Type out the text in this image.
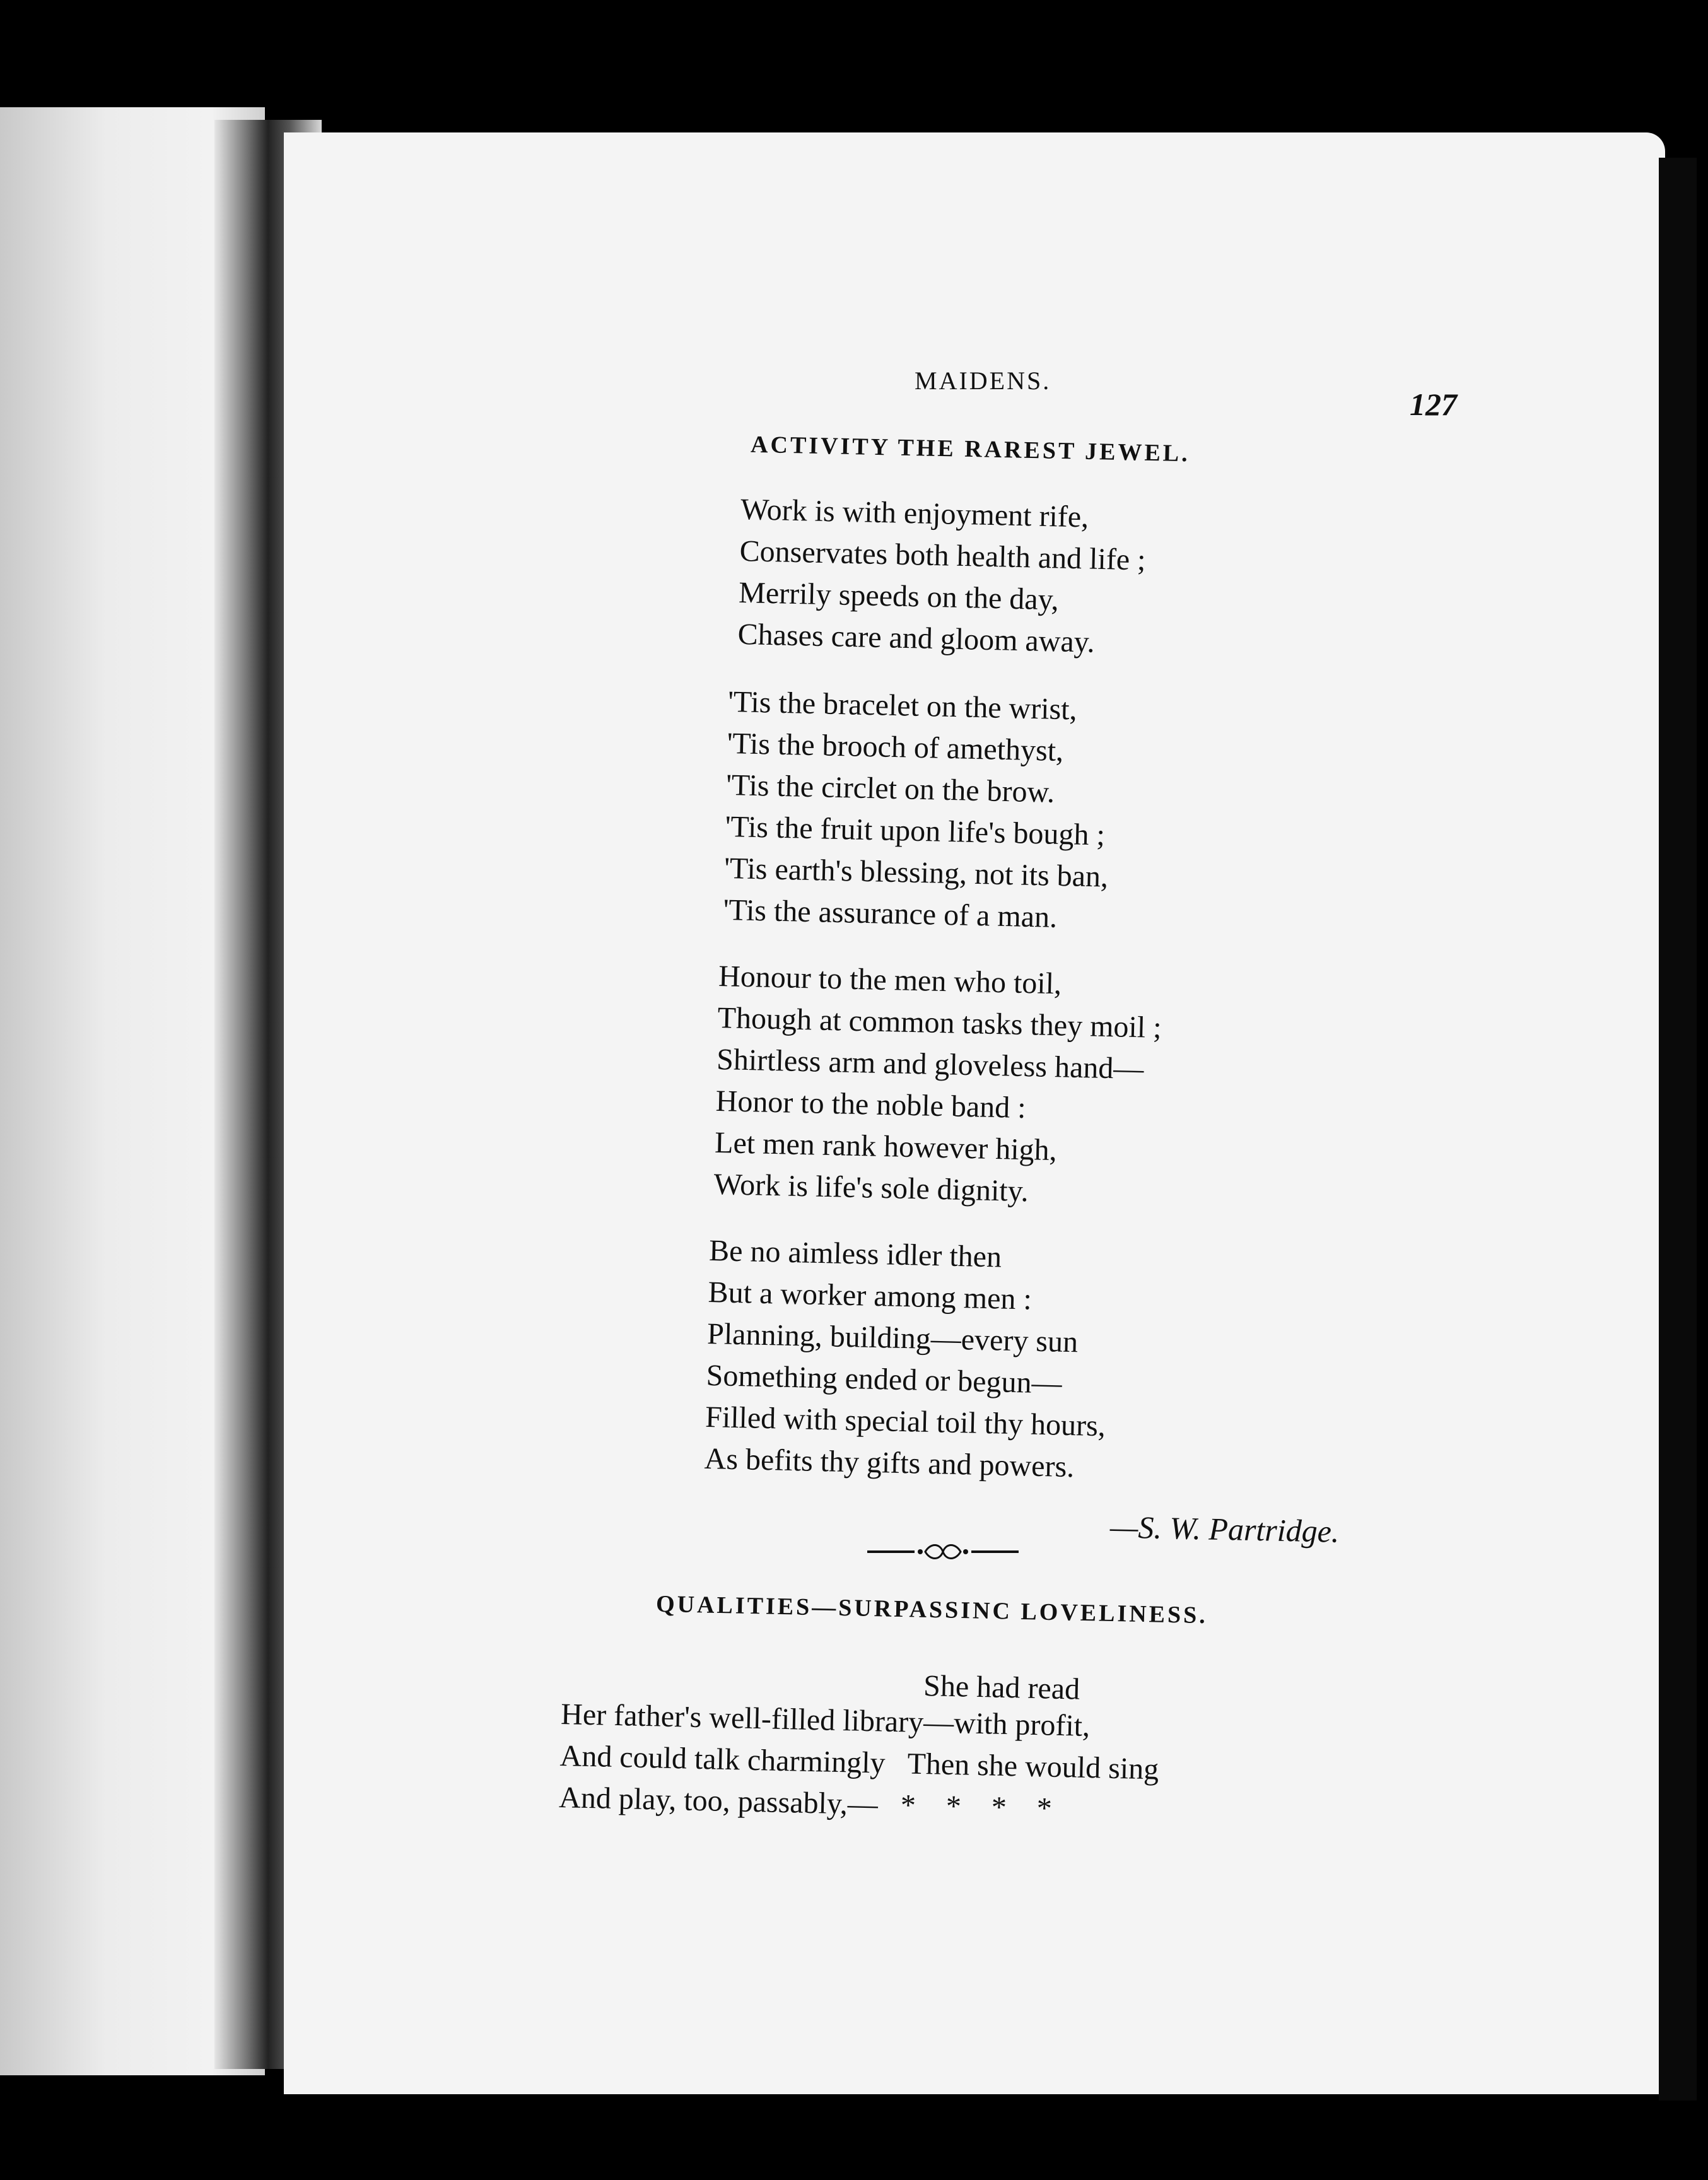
MAIDENS.
127
ACTIVITY THE RAREST JEWEL.
Work is with enjoyment rife,
Conservates both health and life ;
Merrily speeds on the day,
Chases care and gloom away.
'Tis the bracelet on the wrist,
'Tis the brooch of amethyst,
'Tis the circlet on the brow.
'Tis the fruit upon life's bough ;
'Tis earth's blessing, not its ban,
'Tis the assurance of a man.
Honour to the men who toil,
Though at common tasks they moil ;
Shirtless arm and gloveless hand—
Honor to the noble band :
Let men rank however high,
Work is life's sole dignity.
Be no aimless idler then
But a worker among men :
Planning, building—every sun
Something ended or begun—
Filled with special toil thy hours,
As befits thy gifts and powers.
—S. W. Partridge.
QUALITIES—SURPASSINC LOVELINESS.
She had read
Her father's well-filled library—with profit,
And could talk charmingly   Then she would sing
And play, too, passably,—   *    *    *    *
